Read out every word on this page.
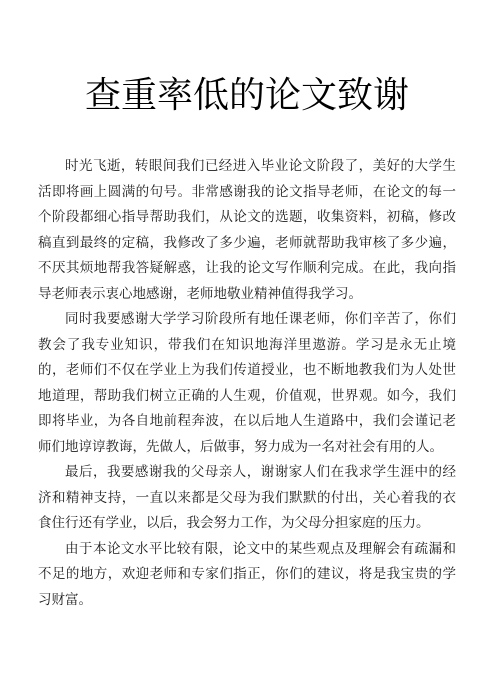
查重率低的论文致谢

时光飞逝，转眼间我们已经进入毕业论文阶段了，美好的大学生活即将画上圆满的句号。非常感谢我的论文指导老师，在论文的每一个阶段都细心指导帮助我们，从论文的选题，收集资料，初稿，修改稿直到最终的定稿，我修改了多少遍，老师就帮助我审核了多少遍，不厌其烦地帮我答疑解惑，让我的论文写作顺利完成。在此，我向指导老师表示衷心地感谢，老师地敬业精神值得我学习。

同时我要感谢大学学习阶段所有地任课老师，你们辛苦了，你们教会了我专业知识，带我们在知识地海洋里遨游。学习是永无止境的，老师们不仅在学业上为我们传道授业，也不断地教我们为人处世地道理，帮助我们树立正确的人生观，价值观，世界观。如今，我们即将毕业，为各自地前程奔波，在以后地人生道路中，我们会谨记老师们地谆谆教诲，先做人，后做事，努力成为一名对社会有用的人。

最后，我要感谢我的父母亲人，谢谢家人们在我求学生涯中的经济和精神支持，一直以来都是父母为我们默默的付出，关心着我的衣食住行还有学业，以后，我会努力工作，为父母分担家庭的压力。

由于本论文水平比较有限，论文中的某些观点及理解会有疏漏和不足的地方，欢迎老师和专家们指正，你们的建议，将是我宝贵的学习财富。
